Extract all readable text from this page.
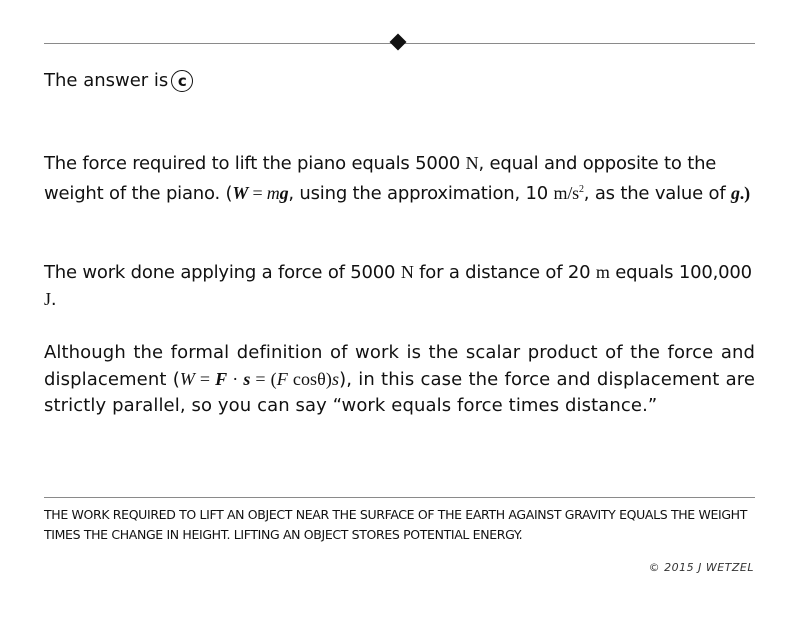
The answer is c

The force required to lift the piano equals 5000 N, equal and opposite to the weight of the piano. (W = mg, using the approximation, 10 $m/s^2$, as the value of g.)

The work done applying a force of 5000 N for a distance of 20 m equals 100,000 J.

Although the formal definition of work is the scalar product of the force and displacement (W = F · s = (F cosθ)s), in this case the force and displacement are strictly parallel, so you can say “work equals force times distance.”

THE WORK REQUIRED TO LIFT AN OBJECT NEAR THE SURFACE OF THE EARTH AGAINST GRAVITY EQUALS THE WEIGHT TIMES THE CHANGE IN HEIGHT. LIFTING AN OBJECT STORES POTENTIAL ENERGY.

© 2015 J WETZEL
